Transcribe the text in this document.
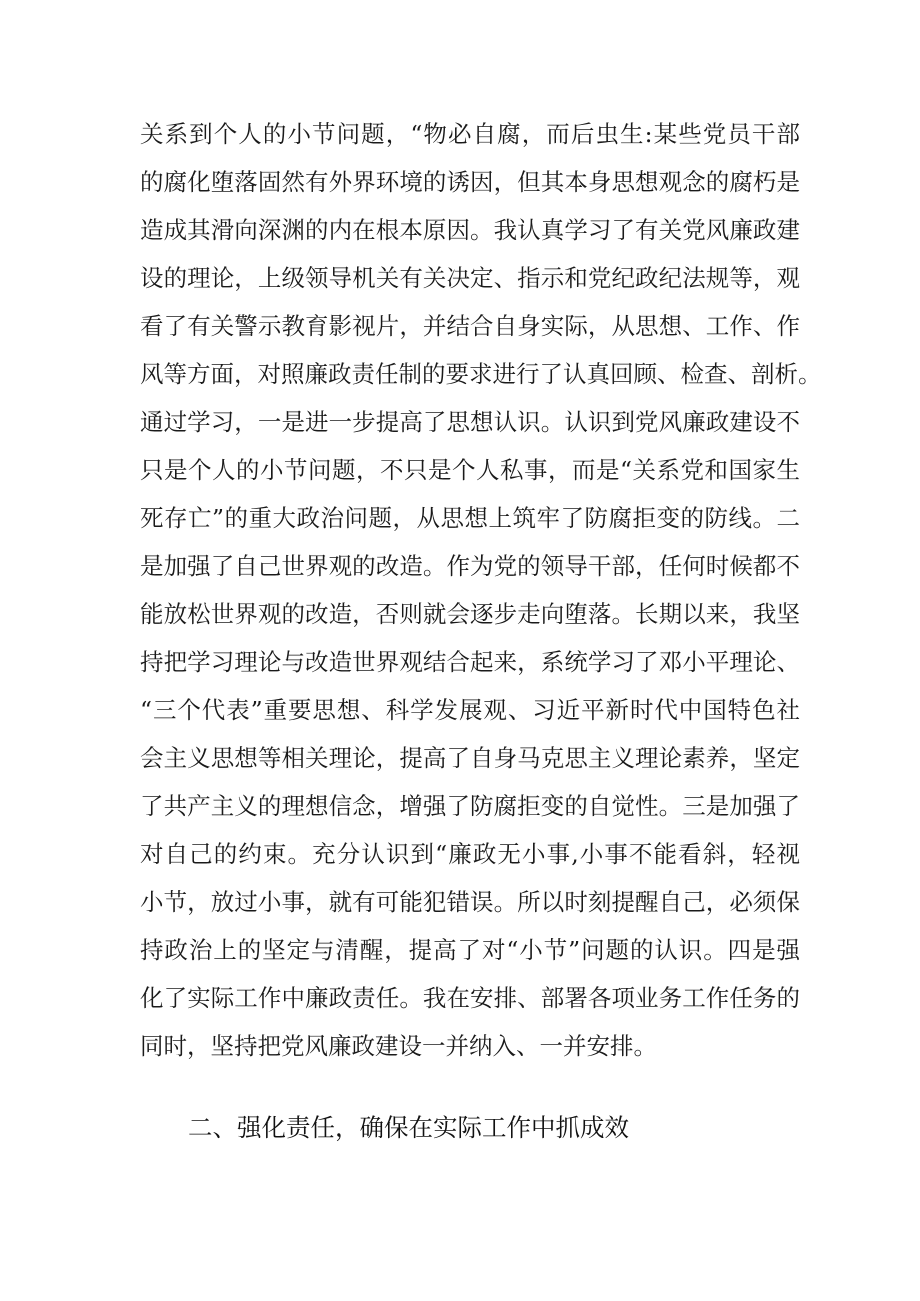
关系到个人的小节问题，“物必自腐，而后虫生:某些党员干部
的腐化堕落固然有外界环境的诱因，但其本身思想观念的腐朽是
造成其滑向深渊的内在根本原因。我认真学习了有关党风廉政建
设的理论，上级领导机关有关决定、指示和党纪政纪法规等，观
看了有关警示教育影视片，并结合自身实际，从思想、工作、作
风等方面，对照廉政责任制的要求进行了认真回顾、检查、剖析。
通过学习，一是进一步提高了思想认识。认识到党风廉政建设不
只是个人的小节问题，不只是个人私事，而是“关系党和国家生
死存亡”的重大政治问题，从思想上筑牢了防腐拒变的防线。二
是加强了自己世界观的改造。作为党的领导干部，任何时候都不
能放松世界观的改造，否则就会逐步走向堕落。长期以来，我坚
持把学习理论与改造世界观结合起来，系统学习了邓小平理论、
“三个代表”重要思想、科学发展观、习近平新时代中国特色社
会主义思想等相关理论，提高了自身马克思主义理论素养，坚定
了共产主义的理想信念，增强了防腐拒变的自觉性。三是加强了
对自己的约束。充分认识到“廉政无小事,小事不能看斜，轻视
小节，放过小事，就有可能犯错误。所以时刻提醒自己，必须保
持政治上的坚定与清醒，提高了对“小节”问题的认识。四是强
化了实际工作中廉政责任。我在安排、部署各项业务工作任务的
同时，坚持把党风廉政建设一并纳入、一并安排。
二、强化责任，确保在实际工作中抓成效
